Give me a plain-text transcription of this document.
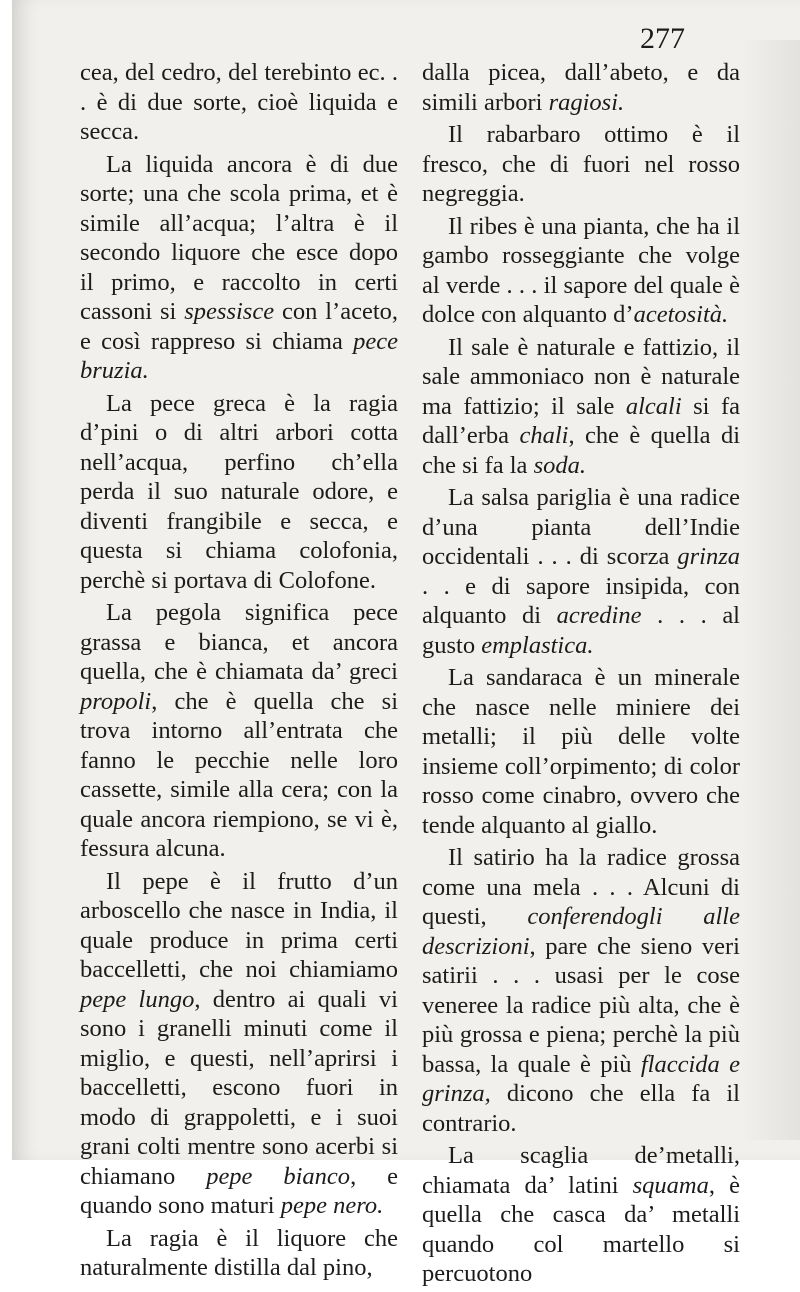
277

cea, del cedro, del terebinto ec. . . è di due sorte, cioè liquida e secca.

La liquida ancora è di due sorte; una che scola prima, et è simile all’acqua; l’altra è il secondo liquore che esce dopo il primo, e raccolto in certi cassoni si spessisce con l’aceto, e così rappreso si chiama pece bruzia.

La pece greca è la ragia d’pini o di altri arbori cotta nell’acqua, perfino ch’ella perda il suo naturale odore, e diventi frangibile e secca, e questa si chiama colofonia, perchè si portava di Colofone.

La pegola significa pece grassa e bianca, et ancora quella, che è chiamata da’ greci propoli, che è quella che si trova intorno all’entrata che fanno le pecchie nelle loro cassette, simile alla cera; con la quale ancora riempiono, se vi è, fessura alcuna.

Il pepe è il frutto d’un arboscello che nasce in India, il quale produce in prima certi baccelletti, che noi chiamiamo pepe lungo, dentro ai quali vi sono i granelli minuti come il miglio, e questi, nell’aprirsi i baccelletti, escono fuori in modo di grappoletti, e i suoi grani colti mentre sono acerbi si chiamano pepe bianco, e quando sono maturi pepe nero.

La ragia è il liquore che naturalmente distilla dal pino,

dalla picea, dall’abeto, e da simili arbori ragiosi.

Il rabarbaro ottimo è il fresco, che di fuori nel rosso negreggia.

Il ribes è una pianta, che ha il gambo rosseggiante che volge al verde . . . il sapore del quale è dolce con alquanto d’acetosità.

Il sale è naturale e fattizio, il sale ammoniaco non è naturale ma fattizio; il sale alcali si fa dall’erba chali, che è quella di che si fa la soda.

La salsa pariglia è una radice d’una pianta dell’Indie occidentali . . . di scorza grinza . . e di sapore insipida, con alquanto di acredine . . . al gusto emplastica.

La sandaraca è un minerale che nasce nelle miniere dei metalli; il più delle volte insieme coll’orpimento; di color rosso come cinabro, ovvero che tende alquanto al giallo.

Il satirio ha la radice grossa come una mela . . . Alcuni di questi, conferendogli alle descrizioni, pare che sieno veri satirii . . . usasi per le cose veneree la radice più alta, che è più grossa e piena; perchè la più bassa, la quale è più flaccida e grinza, dicono che ella fa il contrario.

La scaglia de’metalli, chiamata da’ latini squama, è quella che casca da’ metalli quando col martello si percuotono
